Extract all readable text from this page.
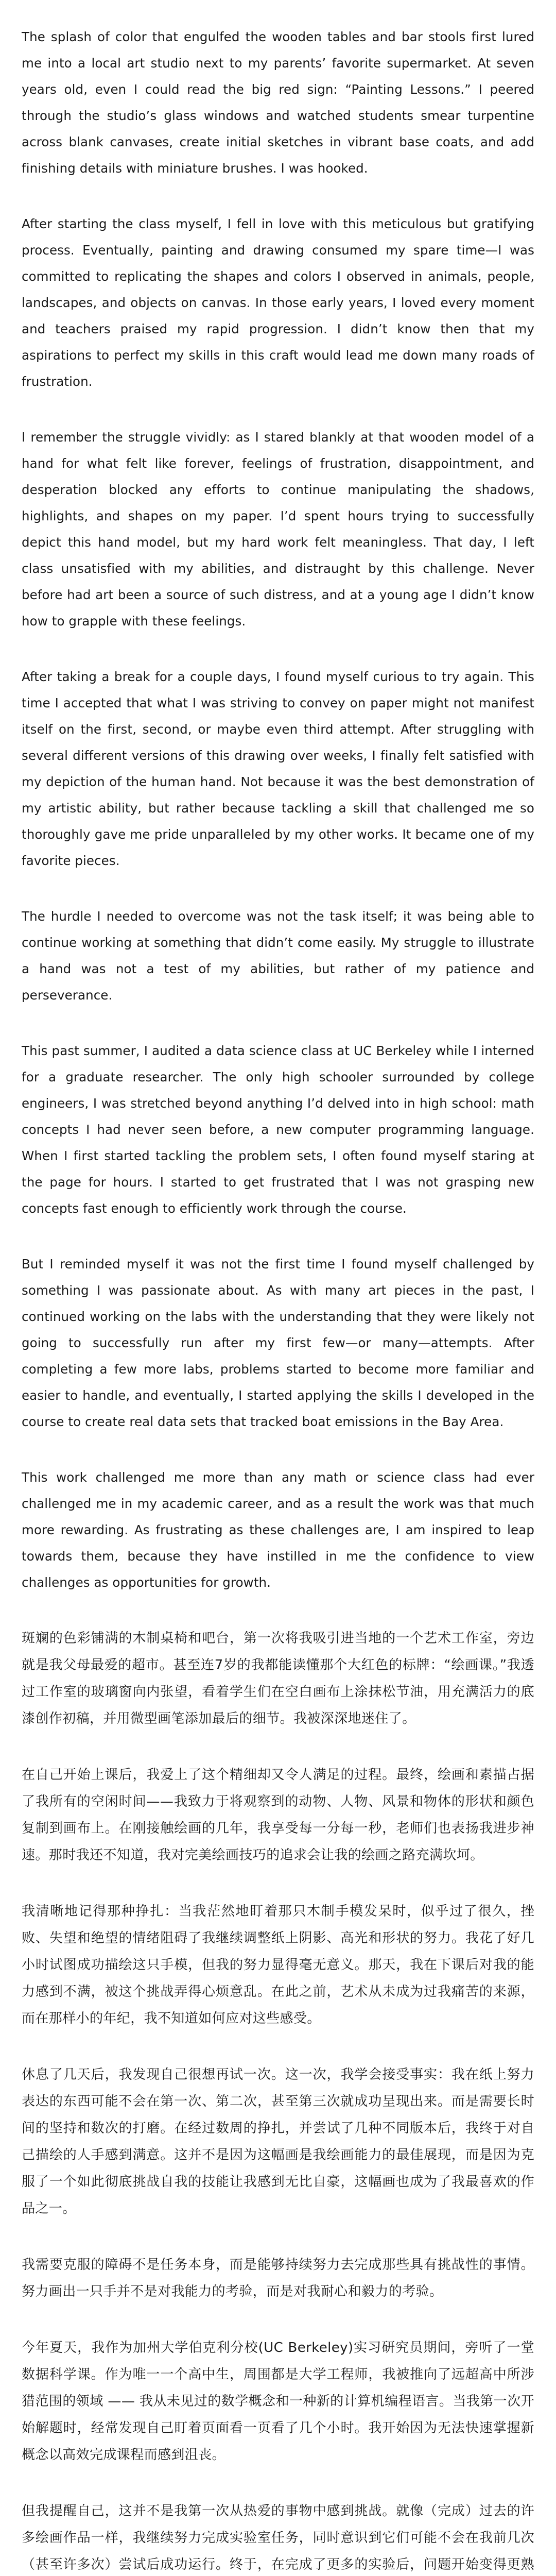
The splash of color that engulfed the wooden tables and bar stools first lured me into a local art studio next to my parents’ favorite supermarket. At seven years old, even I could read the big red sign: “Painting Lessons.” I peered through the studio’s glass windows and watched students smear turpentine across blank canvases, create initial sketches in vibrant base coats, and add finishing details with miniature brushes. I was hooked.

After starting the class myself, I fell in love with this meticulous but gratifying process. Eventually, painting and drawing consumed my spare time—I was committed to replicating the shapes and colors I observed in animals, people, landscapes, and objects on canvas. In those early years, I loved every moment and teachers praised my rapid progression. I didn’t know then that my aspirations to perfect my skills in this craft would lead me down many roads of frustration.

I remember the struggle vividly: as I stared blankly at that wooden model of a hand for what felt like forever, feelings of frustration, disappointment, and desperation blocked any efforts to continue manipulating the shadows, highlights, and shapes on my paper. I’d spent hours trying to successfully depict this hand model, but my hard work felt meaningless. That day, I left class unsatisfied with my abilities, and distraught by this challenge. Never before had art been a source of such distress, and at a young age I didn’t know how to grapple with these feelings.

After taking a break for a couple days, I found myself curious to try again. This time I accepted that what I was striving to convey on paper might not manifest itself on the first, second, or maybe even third attempt. After struggling with several different versions of this drawing over weeks, I finally felt satisfied with my depiction of the human hand. Not because it was the best demonstration of my artistic ability, but rather because tackling a skill that challenged me so thoroughly gave me pride unparalleled by my other works. It became one of my favorite pieces.

The hurdle I needed to overcome was not the task itself; it was being able to continue working at something that didn’t come easily. My struggle to illustrate a hand was not a test of my abilities, but rather of my patience and perseverance.

This past summer, I audited a data science class at UC Berkeley while I interned for a graduate researcher. The only high schooler surrounded by college engineers, I was stretched beyond anything I’d delved into in high school: math concepts I had never seen before, a new computer programming language. When I first started tackling the problem sets, I often found myself staring at the page for hours. I started to get frustrated that I was not grasping new concepts fast enough to efficiently work through the course.

But I reminded myself it was not the first time I found myself challenged by something I was passionate about. As with many art pieces in the past, I continued working on the labs with the understanding that they were likely not going to successfully run after my first few—or many—attempts. After completing a few more labs, problems started to become more familiar and easier to handle, and eventually, I started applying the skills I developed in the course to create real data sets that tracked boat emissions in the Bay Area.

This work challenged me more than any math or science class had ever challenged me in my academic career, and as a result the work was that much more rewarding. As frustrating as these challenges are, I am inspired to leap towards them, because they have instilled in me the confidence to view challenges as opportunities for growth.

斑斓的色彩铺满的木制桌椅和吧台，第一次将我吸引进当地的一个艺术工作室，旁边就是我父母最爱的超市。甚至连7岁的我都能读懂那个大红色的标牌：“绘画课。”我透过工作室的玻璃窗向内张望，看着学生们在空白画布上涂抹松节油，用充满活力的底漆创作初稿，并用微型画笔添加最后的细节。我被深深地迷住了。

在自己开始上课后，我爱上了这个精细却又令人满足的过程。最终，绘画和素描占据了我所有的空闲时间——我致力于将观察到的动物、人物、风景和物体的形状和颜色复制到画布上。在刚接触绘画的几年，我享受每一分每一秒，老师们也表扬我进步神速。那时我还不知道，我对完美绘画技巧的追求会让我的绘画之路充满坎坷。

我清晰地记得那种挣扎：当我茫然地盯着那只木制手模发呆时，似乎过了很久，挫败、失望和绝望的情绪阻碍了我继续调整纸上阴影、高光和形状的努力。我花了好几小时试图成功描绘这只手模，但我的努力显得毫无意义。那天，我在下课后对我的能力感到不满，被这个挑战弄得心烦意乱。在此之前，艺术从未成为过我痛苦的来源，而在那样小的年纪，我不知道如何应对这些感受。

休息了几天后，我发现自己很想再试一次。这一次，我学会接受事实：我在纸上努力表达的东西可能不会在第一次、第二次，甚至第三次就成功呈现出来。而是需要长时间的坚持和数次的打磨。在经过数周的挣扎，并尝试了几种不同版本后，我终于对自己描绘的人手感到满意。这并不是因为这幅画是我绘画能力的最佳展现，而是因为克服了一个如此彻底挑战自我的技能让我感到无比自豪，这幅画也成为了我最喜欢的作品之一。

我需要克服的障碍不是任务本身，而是能够持续努力去完成那些具有挑战性的事情。努力画出一只手并不是对我能力的考验，而是对我耐心和毅力的考验。

今年夏天，我作为加州大学伯克利分校(UC Berkeley)实习研究员期间，旁听了一堂数据科学课。作为唯一一个高中生，周围都是大学工程师，我被推向了远超高中所涉猎范围的领域 —— 我从未见过的数学概念和一种新的计算机编程语言。当我第一次开始解题时，经常发现自己盯着页面看一页看了几个小时。我开始因为无法快速掌握新概念以高效完成课程而感到沮丧。

但我提醒自己，这并不是我第一次从热爱的事物中感到挑战。就像（完成）过去的许多绘画作品一样，我继续努力完成实验室任务，同时意识到它们可能不会在我前几次（甚至许多次）尝试后成功运行。终于，在完成了更多的实验后，问题开始变得更熟
